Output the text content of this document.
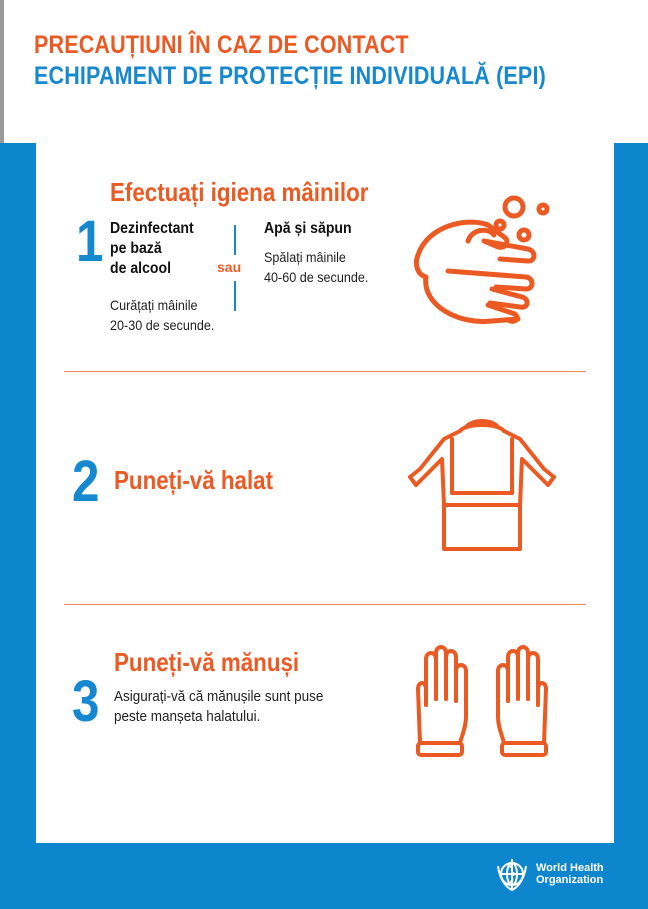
PRECAUȚIUNI ÎN CAZ DE CONTACT
ECHIPAMENT DE PROTECȚIE INDIVIDUALĂ (EPI)
1
Efectuați igiena mâinilor
Dezinfectant
pe bază
de alcool
Curățați mâinile
20-30 de secunde.
sau
Apă și săpun
Spălați mâinile
40-60 de secunde.
2 Puneți-vă halat
3
Puneți-vă mănuși
Asigurați-vă că mănușile sunt puse
peste manșeta halatului.
World Health
Organization
